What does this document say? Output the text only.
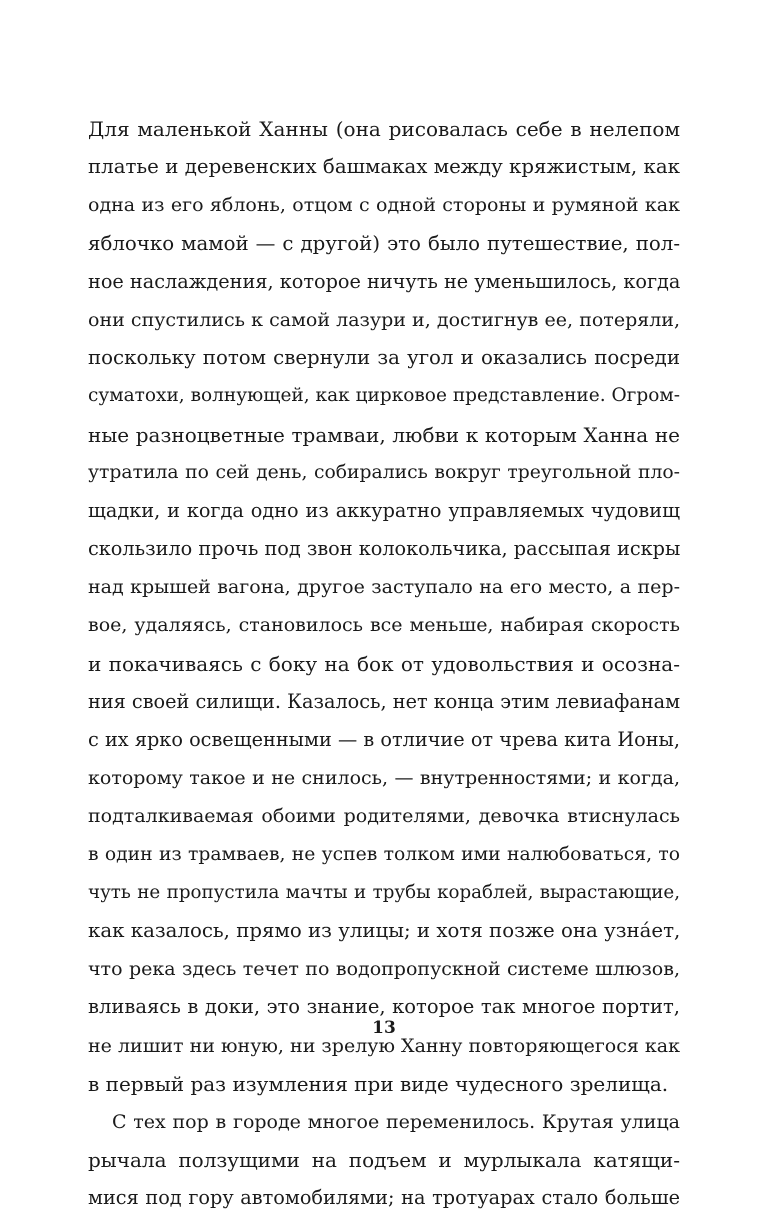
Для маленькой Ханны (она рисовалась себе в нелепом
платье и деревенских башмаках между кряжистым, как
одна из его яблонь, отцом с одной стороны и румяной как
яблочко мамой — с другой) это было путешествие, пол-
ное наслаждения, которое ничуть не уменьшилось, когда
они спустились к самой лазури и, достигнув ее, потеряли,
поскольку потом свернули за угол и оказались посреди
суматохи, волнующей, как цирковое представление. Огром-
ные разноцветные трамваи, любви к которым Ханна не
утратила по сей день, собирались вокруг треугольной пло-
щадки, и когда одно из аккуратно управляемых чудовищ
скользило прочь под звон колокольчика, рассыпая искры
над крышей вагона, другое заступало на его место, а пер-
вое, удаляясь, становилось все меньше, набирая скорость
и покачиваясь с боку на бок от удовольствия и осозна-
ния своей силищи. Казалось, нет конца этим левиафанам
с их ярко освещенными — в отличие от чрева кита Ионы,
которому такое и не снилось, — внутренностями; и когда,
подталкиваемая обоими родителями, девочка втиснулась
в один из трамваев, не успев толком ими налюбоваться, то
чуть не пропустила мачты и трубы кораблей, вырастающие,
как казалось, прямо из улицы; и хотя позже она узна́ет,
что река здесь течет по водопропускной системе шлюзов,
вливаясь в доки, это знание, которое так многое портит,
не лишит ни юную, ни зрелую Ханну повторяющегося как
в первый раз изумления при виде чудесного зрелища.
С тех пор в городе многое переменилось. Крутая улица
рычала ползущими на подъем и мурлыкала катящи-
мися под гору автомобилями; на тротуарах стало больше
13
